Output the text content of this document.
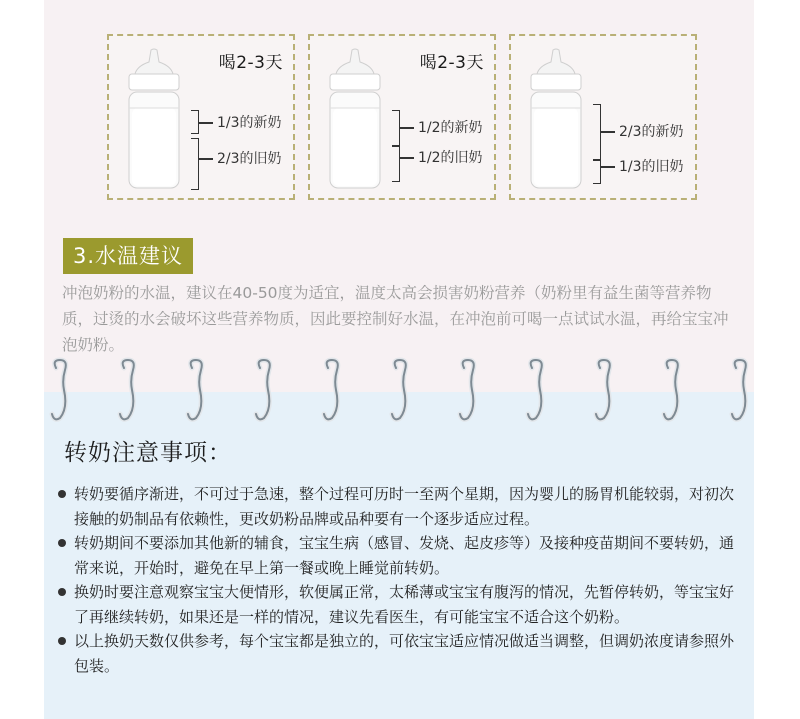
喝2-3天
1/3的新奶
2/3的旧奶
喝2-3天
1/2的新奶
1/2的旧奶
2/3的新奶
1/3的旧奶
3.水温建议
冲泡奶粉的水温，建议在40-50度为适宜，温度太高会损害奶粉营养（奶粉里有益生菌等营养物质，过烫的水会破坏这些营养物质，因此要控制好水温，在冲泡前可喝一点试试水温，再给宝宝冲泡奶粉。
转奶注意事项：
转奶要循序渐进，不可过于急速，整个过程可历时一至两个星期，因为婴儿的肠胃机能较弱，对初次接触的奶制品有依赖性，更改奶粉品牌或品种要有一个逐步适应过程。
转奶期间不要添加其他新的辅食，宝宝生病（感冒、发烧、起皮疹等）及接种疫苗期间不要转奶，通常来说，开始时，避免在早上第一餐或晚上睡觉前转奶。
换奶时要注意观察宝宝大便情形，软便属正常，太稀薄或宝宝有腹泻的情况，先暂停转奶，等宝宝好了再继续转奶，如果还是一样的情况，建议先看医生，有可能宝宝不适合这个奶粉。
以上换奶天数仅供参考，每个宝宝都是独立的，可依宝宝适应情况做适当调整，但调奶浓度请参照外包装。
